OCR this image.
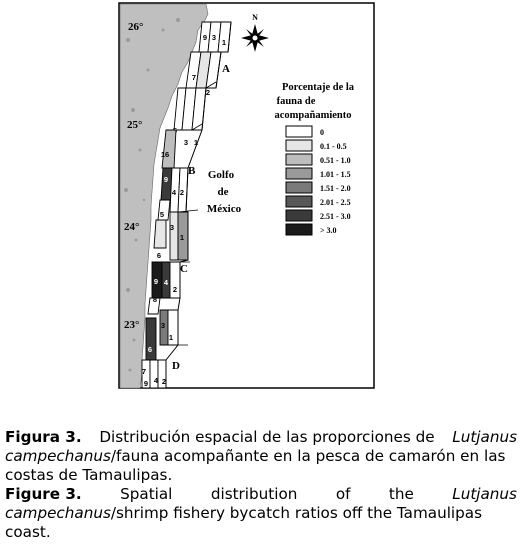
9 3
1
7
2
3 1
16
9
4 2
5
3
1
6
9 4
2
8
3
1
6
7
4 2
9
26°
25°
24°
23°
A
B
C
D
Golfo
de
México
N
Porcentaje de la
fauna de
acompañamiento
0
0.1 - 0.5
0.51 - 1.0
1.01 - 1.5
1.51 - 2.0
2.01 - 2.5
2.51 - 3.0
> 3.0
Figura 3. Distribución espacial de las proporciones de Lutjanus
campechanus /fauna acompañante en la pesca de camarón en las
costas de Tamaulipas.
Figure 3.	Spatial	distribution	of	the	Lutjanus
campechanus /shrimp fishery bycatch ratios off the Tamaulipas
coast.
